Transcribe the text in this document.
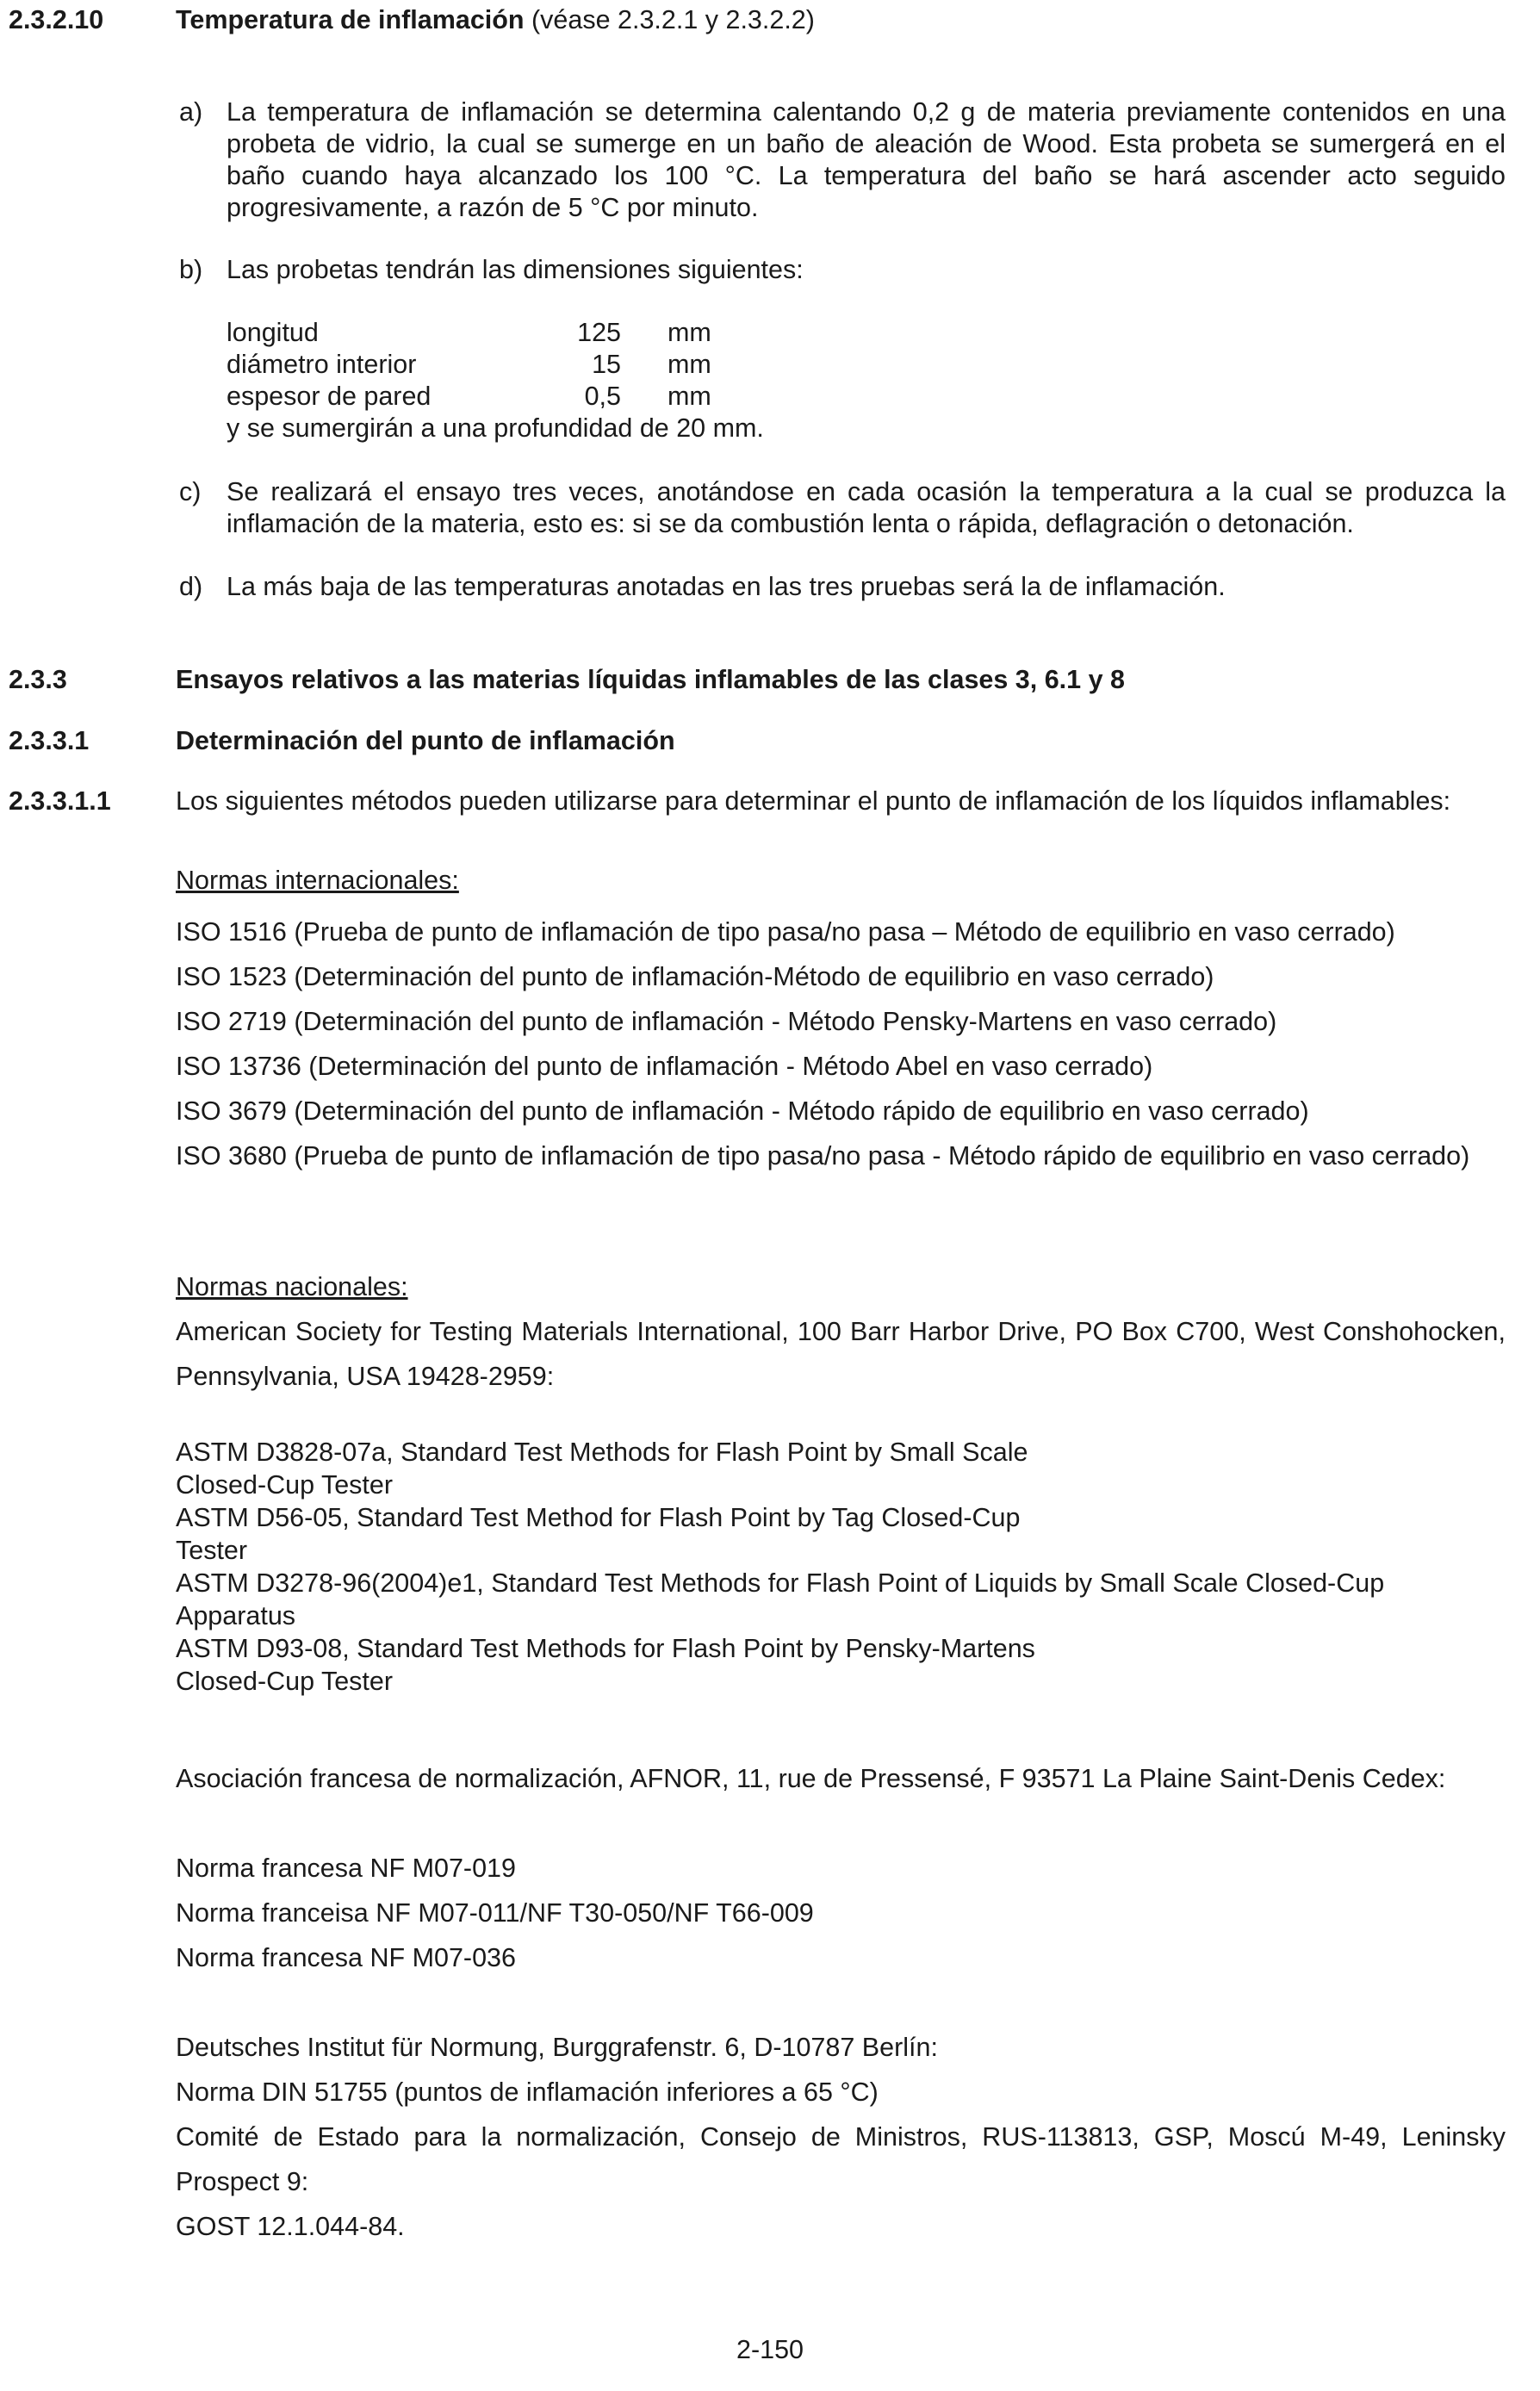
2.3.2.10	Temperatura de inflamación (véase 2.3.2.1 y 2.3.2.2)
a) La temperatura de inflamación se determina calentando 0,2 g de materia previamente contenidos en una probeta de vidrio, la cual se sumerge en un baño de aleación de Wood. Esta probeta se sumergerá en el baño cuando haya alcanzado los 100 °C. La temperatura del baño se hará ascender acto seguido progresivamente, a razón de 5 °C por minuto.
b) Las probetas tendrán las dimensiones siguientes:
longitud	125 mm
diámetro interior	15 mm
espesor de pared	0,5 mm
y se sumergirán a una profundidad de 20 mm.
c) Se realizará el ensayo tres veces, anotándose en cada ocasión la temperatura a la cual se produzca la inflamación de la materia, esto es: si se da combustión lenta o rápida, deflagración o detonación.
d) La más baja de las temperaturas anotadas en las tres pruebas será la de inflamación.
2.3.3	Ensayos relativos a las materias líquidas inflamables de las clases 3, 6.1 y 8
2.3.3.1	Determinación del punto de inflamación
2.3.3.1.1 Los siguientes métodos pueden utilizarse para determinar el punto de inflamación de los líquidos inflamables:
Normas internacionales:
ISO 1516 (Prueba de punto de inflamación de tipo pasa/no pasa – Método de equilibrio en vaso cerrado)
ISO 1523 (Determinación del punto de inflamación-Método de equilibrio en vaso cerrado)
ISO 2719 (Determinación del punto de inflamación - Método Pensky-Martens en vaso cerrado)
ISO 13736 (Determinación del punto de inflamación - Método Abel en vaso cerrado)
ISO 3679 (Determinación del punto de inflamación - Método rápido de equilibrio en vaso cerrado)
ISO 3680 (Prueba de punto de inflamación de tipo pasa/no pasa - Método rápido de equilibrio en vaso cerrado)
Normas nacionales:
American Society for Testing Materials International, 100 Barr Harbor Drive, PO Box C700, West Conshohocken, Pennsylvania, USA 19428-2959:
ASTM D3828-07a, Standard Test Methods for Flash Point by Small Scale
Closed-Cup Tester
ASTM D56-05, Standard Test Method for Flash Point by Tag Closed-Cup
Tester
ASTM D3278-96(2004)e1, Standard Test Methods for Flash Point of Liquids by Small Scale Closed-Cup
Apparatus
ASTM D93-08, Standard Test Methods for Flash Point by Pensky-Martens
Closed-Cup Tester
Asociación francesa de normalización, AFNOR, 11, rue de Pressensé, F 93571 La Plaine Saint-Denis Cedex:
Norma francesa NF M07-019
Norma franceisa NF M07-011/NF T30-050/NF T66-009
Norma francesa NF M07-036
Deutsches Institut für Normung, Burggrafenstr. 6, D-10787 Berlín:
Norma DIN 51755 (puntos de inflamación inferiores a 65 °C)
Comité de Estado para la normalización, Consejo de Ministros, RUS-113813, GSP, Moscú M-49, Leninsky Prospect 9:
GOST 12.1.044-84.
2-150
